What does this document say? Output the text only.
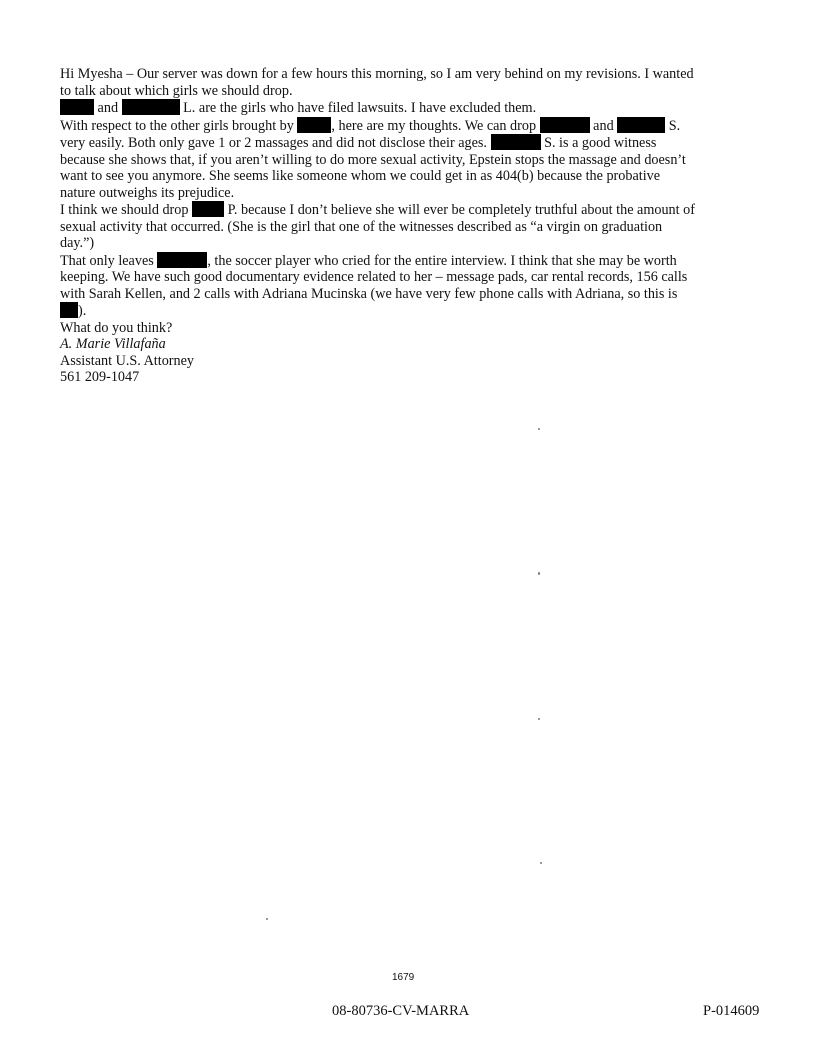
Hi Myesha – Our server was down for a few hours this morning, so I am very behind on my revisions. I wanted

to talk about which girls we should drop.

and	L. are the girls who have filed lawsuits. I have excluded them.

With respect to the other girls brought by	, here are my thoughts. We can drop	and	S.

very easily. Both only gave 1 or 2 massages and did not disclose their ages.	S. is a good witness

because she shows that, if you aren’t willing to do more sexual activity, Epstein stops the massage and doesn’t

want to see you anymore. She seems like someone whom we could get in as 404(b) because the probative

nature outweighs its prejudice.

I think we should drop	P. because I don’t believe she will ever be completely truthful about the amount of

sexual activity that occurred. (She is the girl that one of the witnesses described as “a virgin on graduation

day.”)

That only leaves	, the soccer player who cried for the entire interview. I think that she may be worth

keeping. We have such good documentary evidence related to her – message pads, car rental records, 156 calls

with Sarah Kellen, and 2 calls with Adriana Mucinska (we have very few phone calls with Adriana, so this is

).

What do you think?

A. Marie Villafaña

Assistant U.S. Attorney

561 209-1047

1679
08-80736-CV-MARRA	P-014609
